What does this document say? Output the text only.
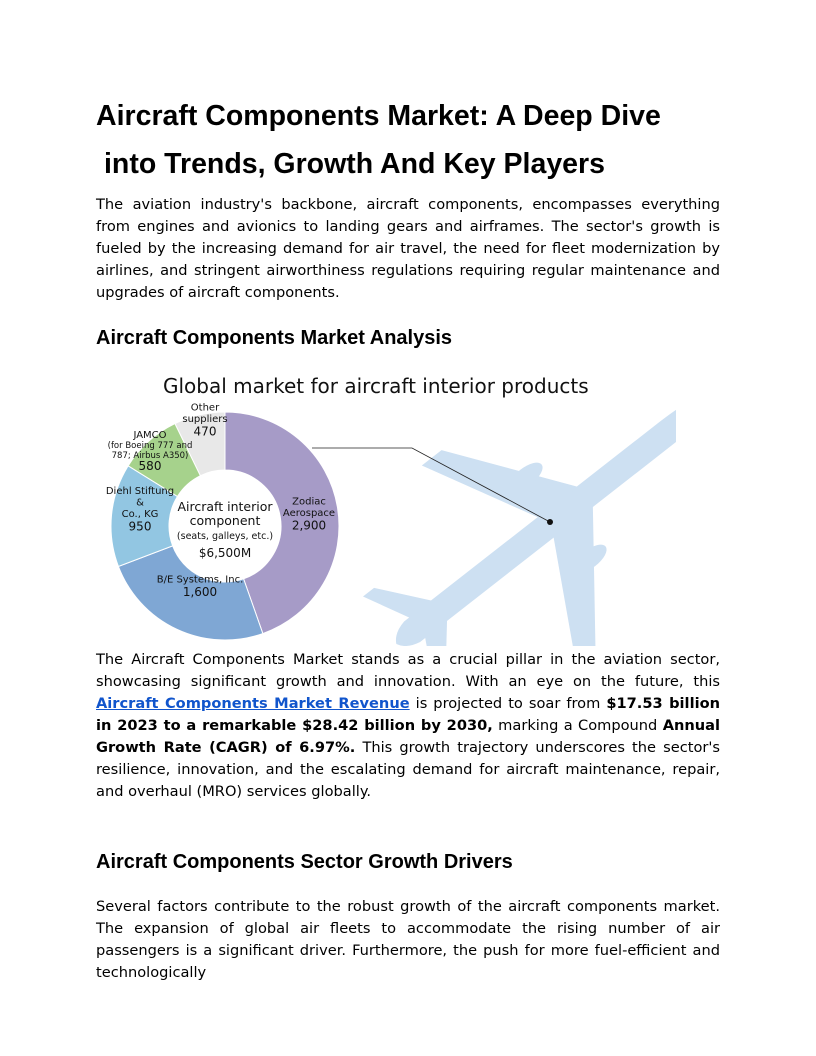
Aircraft Components Market: A Deep Dive
into Trends, Growth And Key Players

The aviation industry's backbone, aircraft components, encompasses everything from engines and avionics to landing gears and airframes. The sector's growth is fueled by the increasing demand for air travel, the need for fleet modernization by airlines, and stringent airworthiness regulations requiring regular maintenance and upgrades of aircraft components.

Aircraft Components Market Analysis
Global market for aircraft interior products
Zodiac
Aerospace
2,900
B/E Systems, Inc.
1,600
Diehl Stiftung
&
Co., KG
950
JAMCO
(for Boeing 777 and
787; Airbus A350)
580
Other
suppliers
470
Aircraft interior
component
(seats, galleys, etc.)
$6,500M

The Aircraft Components Market stands as a crucial pillar in the aviation sector, showcasing significant growth and innovation. With an eye on the future, this Aircraft Components Market Revenue is projected to soar from $17.53 billion in 2023 to a remarkable $28.42 billion by 2030, marking a Compound Annual Growth Rate (CAGR) of 6.97%. This growth trajectory underscores the sector's resilience, innovation, and the escalating demand for aircraft maintenance, repair, and overhaul (MRO) services globally.

Aircraft Components Sector Growth Drivers

Several factors contribute to the robust growth of the aircraft components market. The expansion of global air fleets to accommodate the rising number of air passengers is a significant driver. Furthermore, the push for more fuel-efficient and technologically
